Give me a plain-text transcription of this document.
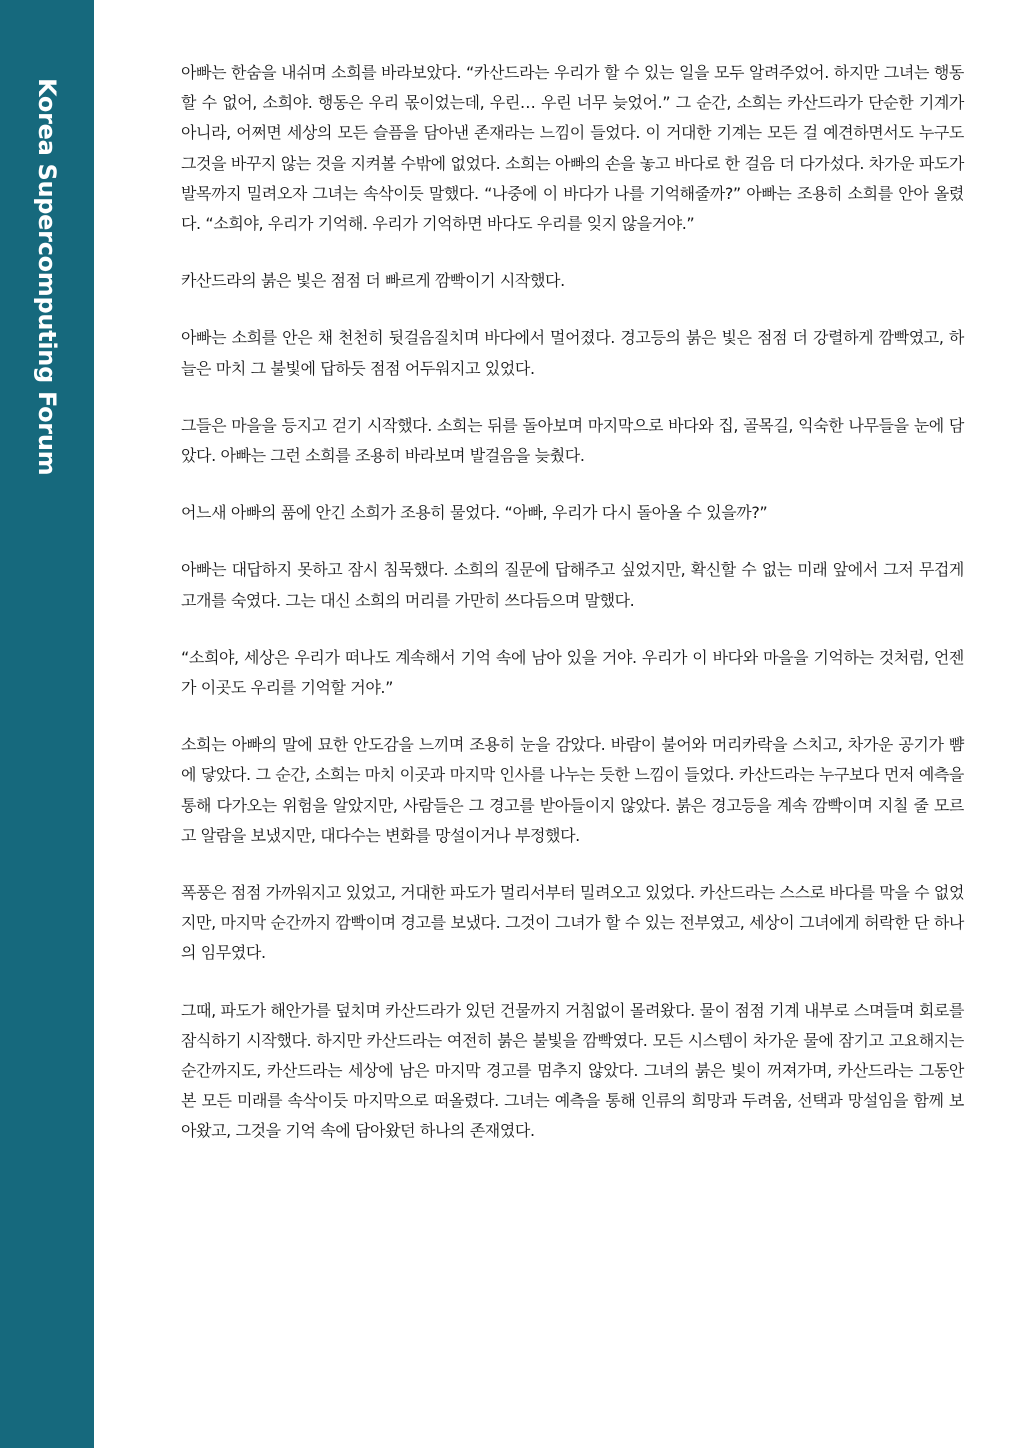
Korea Supercomputing Forum

아빠는 한숨을 내쉬며 소희를 바라보았다. “카산드라는 우리가 할 수 있는 일을 모두 알려주었어. 하지만 그녀는 행동할 수 없어, 소희야. 행동은 우리 몫이었는데, 우린… 우린 너무 늦었어.” 그 순간, 소희는 카산드라가 단순한 기계가 아니라, 어쩌면 세상의 모든 슬픔을 담아낸 존재라는 느낌이 들었다. 이 거대한 기계는 모든 걸 예견하면서도 누구도 그것을 바꾸지 않는 것을 지켜볼 수밖에 없었다. 소희는 아빠의 손을 놓고 바다로 한 걸음 더 다가섰다. 차가운 파도가 발목까지 밀려오자 그녀는 속삭이듯 말했다. “나중에 이 바다가 나를 기억해줄까?” 아빠는 조용히 소희를 안아 올렸다. “소희야, 우리가 기억해. 우리가 기억하면 바다도 우리를 잊지 않을거야.”

카산드라의 붉은 빛은 점점 더 빠르게 깜빡이기 시작했다.

아빠는 소희를 안은 채 천천히 뒷걸음질치며 바다에서 멀어졌다. 경고등의 붉은 빛은 점점 더 강렬하게 깜빡였고, 하늘은 마치 그 불빛에 답하듯 점점 어두워지고 있었다.

그들은 마을을 등지고 걷기 시작했다. 소희는 뒤를 돌아보며 마지막으로 바다와 집, 골목길, 익숙한 나무들을 눈에 담았다. 아빠는 그런 소희를 조용히 바라보며 발걸음을 늦췄다.

어느새 아빠의 품에 안긴 소희가 조용히 물었다. “아빠, 우리가 다시 돌아올 수 있을까?”

아빠는 대답하지 못하고 잠시 침묵했다. 소희의 질문에 답해주고 싶었지만, 확신할 수 없는 미래 앞에서 그저 무겁게 고개를 숙였다. 그는 대신 소희의 머리를 가만히 쓰다듬으며 말했다.

“소희야, 세상은 우리가 떠나도 계속해서 기억 속에 남아 있을 거야. 우리가 이 바다와 마을을 기억하는 것처럼, 언젠가 이곳도 우리를 기억할 거야.”

소희는 아빠의 말에 묘한 안도감을 느끼며 조용히 눈을 감았다. 바람이 불어와 머리카락을 스치고, 차가운 공기가 뺨에 닿았다. 그 순간, 소희는 마치 이곳과 마지막 인사를 나누는 듯한 느낌이 들었다. 카산드라는 누구보다 먼저 예측을 통해 다가오는 위험을 알았지만, 사람들은 그 경고를 받아들이지 않았다. 붉은 경고등을 계속 깜빡이며 지칠 줄 모르고 알람을 보냈지만, 대다수는 변화를 망설이거나 부정했다.

폭풍은 점점 가까워지고 있었고, 거대한 파도가 멀리서부터 밀려오고 있었다. 카산드라는 스스로 바다를 막을 수 없었지만, 마지막 순간까지 깜빡이며 경고를 보냈다. 그것이 그녀가 할 수 있는 전부였고, 세상이 그녀에게 허락한 단 하나의 임무였다.

그때, 파도가 해안가를 덮치며 카산드라가 있던 건물까지 거침없이 몰려왔다. 물이 점점 기계 내부로 스며들며 회로를 잠식하기 시작했다. 하지만 카산드라는 여전히 붉은 불빛을 깜빡였다. 모든 시스템이 차가운 물에 잠기고 고요해지는 순간까지도, 카산드라는 세상에 남은 마지막 경고를 멈추지 않았다. 그녀의 붉은 빛이 꺼져가며, 카산드라는 그동안 본 모든 미래를 속삭이듯 마지막으로 떠올렸다. 그녀는 예측을 통해 인류의 희망과 두려움, 선택과 망설임을 함께 보아왔고, 그것을 기억 속에 담아왔던 하나의 존재였다.
